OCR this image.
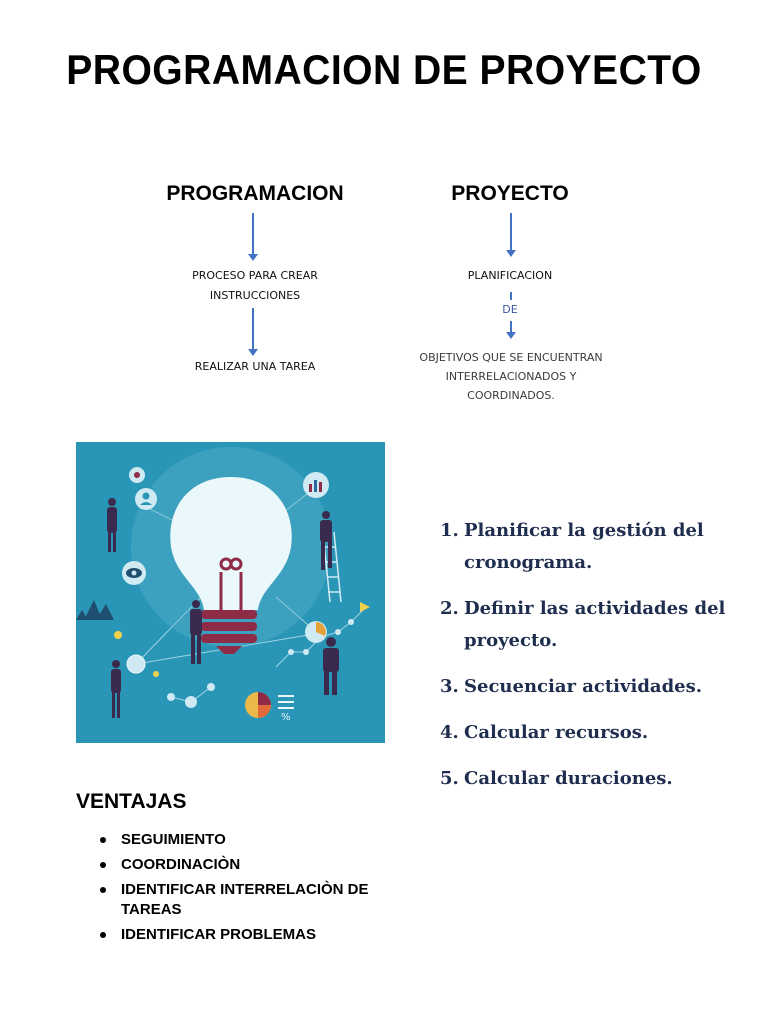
PROGRAMACION DE PROYECTO
PROGRAMACION
PROCESO PARA CREAR
INSTRUCCIONES
REALIZAR UNA TAREA
PROYECTO
PLANIFICACION
DE
OBJETIVOS QUE SE ENCUENTRAN
INTERRELACIONADOS Y
COORDINADOS.
%
1. Planificar la gestión del cronograma.
2. Definir las actividades del proyecto.
3. Secuenciar actividades.
4. Calcular recursos.
5. Calcular duraciones.
VENTAJAS
SEGUIMIENTO
COORDINACIÒN
IDENTIFICAR INTERRELACIÒN DE TAREAS
IDENTIFICAR PROBLEMAS
